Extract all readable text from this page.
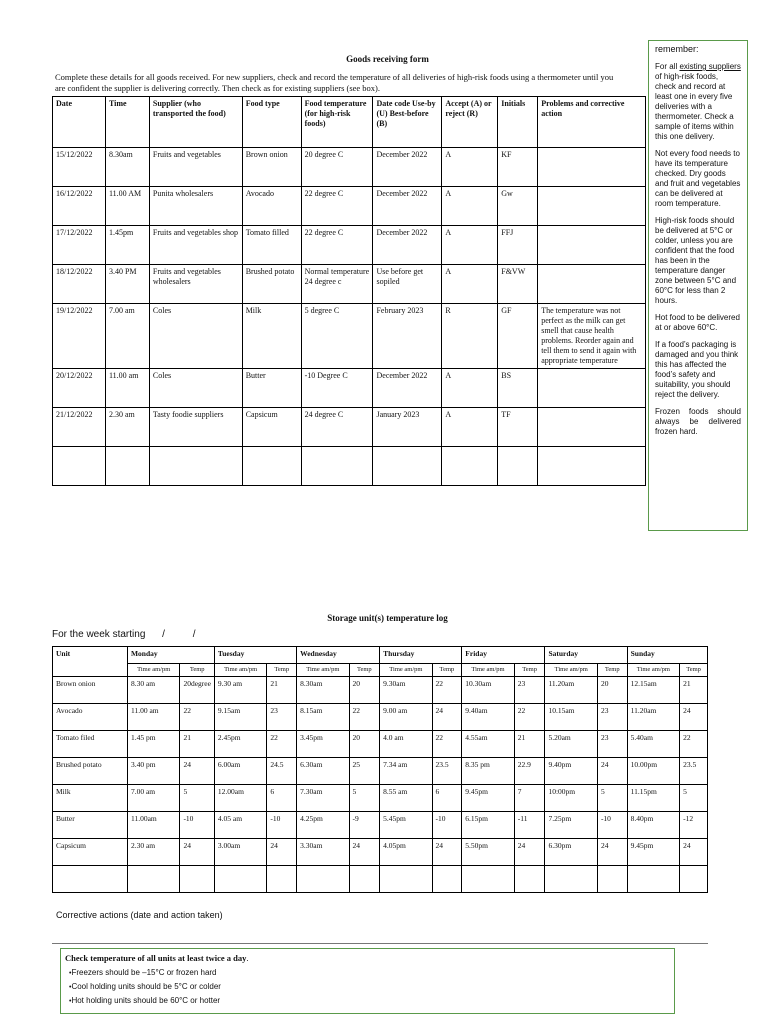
Goods receiving form
Complete these details for all goods received. For new suppliers, check and record the temperature of all deliveries of high-risk foods using a thermometer until you are confident the supplier is delivering correctly. Then check as for existing suppliers (see box).
Date	Time	Supplier (who transported the food)	Food type	Food temperature (for high-risk foods)	Date code Use-by (U) Best-before (B)	Accept (A) or reject (R)	Initials	Problems and corrective action
15/12/2022	8.30am	Fruits and vegetables	Brown onion	20 degree C	December 2022	A	KF	
16/12/2022	11.00 AM	Punita wholesalers	Avocado	22 degree C	December 2022	A	Gw	
17/12/2022	1.45pm	Fruits and vegetables shop	Tomato filled	22 degree C	December 2022	A	FFJ	
18/12/2022	3.40 PM	Fruits and vegetables wholesalers	Brushed potato	Normal temperature 24 degree c	Use before get sopiled	A	F&VW	
19/12/2022	7.00 am	Coles	Milk	5 degree C	February 2023	R	GF	The temperature was not perfect as the milk can get smell that cause health problems. Reorder again and tell them to send it again with appropriate temperature
20/12/2022	11.00 am	Coles	Butter	-10 Degree C	December 2022	A	BS	
21/12/2022	2.30 am	Tasty foodie suppliers	Capsicum	24 degree C	January 2023	A	TF	

remember:

For all existing suppliers of high-risk foods, check and record at least one in every five deliveries with a thermometer. Check a sample of items within this one delivery.

Not every food needs to have its temperature checked. Dry goods and fruit and vegetables can be delivered at room temperature.

High-risk foods should be delivered at 5°C or colder, unless you are confident that the food has been in the temperature danger zone between 5°C and 60°C for less than 2 hours.

Hot food to be delivered at or above 60°C.

If a food’s packaging is damaged and you think this has affected the food’s safety and suitability, you should reject the delivery.

Frozen foods should always be delivered frozen hard.

Storage unit(s) temperature log
For the week starting /          /
Unit	Monday		Tuesday		Wednesday		Thursday		Friday		Saturday		Sunday	
	Time am/pm	Temp	Time am/pm	Temp	Time am/pm	Temp	Time am/pm	Temp	Time am/pm	Temp	Time am/pm	Temp	Time am/pm	Temp
Brown onion	8.30 am	20degree	9.30 am	21	8.30am	20	9.30am	22	10.30am	23	11.20am	20	12.15am	21
Avocado	11.00 am	22	9.15am	23	8.15am	22	9.00 am	24	9.40am	22	10.15am	23	11.20am	24
Tomato filed	1.45 pm	21	2.45pm	22	3.45pm	20	4.0 am	22	4.55am	21	5.20am	23	5.40am	22
Brushed potato	3.40 pm	24	6.00am	24.5	6.30am	25	7.34 am	23.5	8.35 pm	22.9	9.40pm	24	10.00pm	23.5
Milk	7.00 am	5	12.00am	6	7.30am	5	8.55 am	6	9.45pm	7	10:00pm	5	11.15pm	5
Butter	11.00am	-10	4.05 am	-10	4.25pm	-9	5.45pm	-10	6.15pm	-11	7.25pm	-10	8.40pm	-12
Capsicum	2.30 am	24	3.00am	24	3.30am	24	4.05pm	24	5.50pm	24	6.30pm	24	9.45pm	24

Corrective actions (date and action taken)
Check temperature of all units at least twice a day.
• Freezers should be –15°C or frozen hard
• Cool holding units should be 5°C or colder
• Hot holding units should be 60°C or hotter
